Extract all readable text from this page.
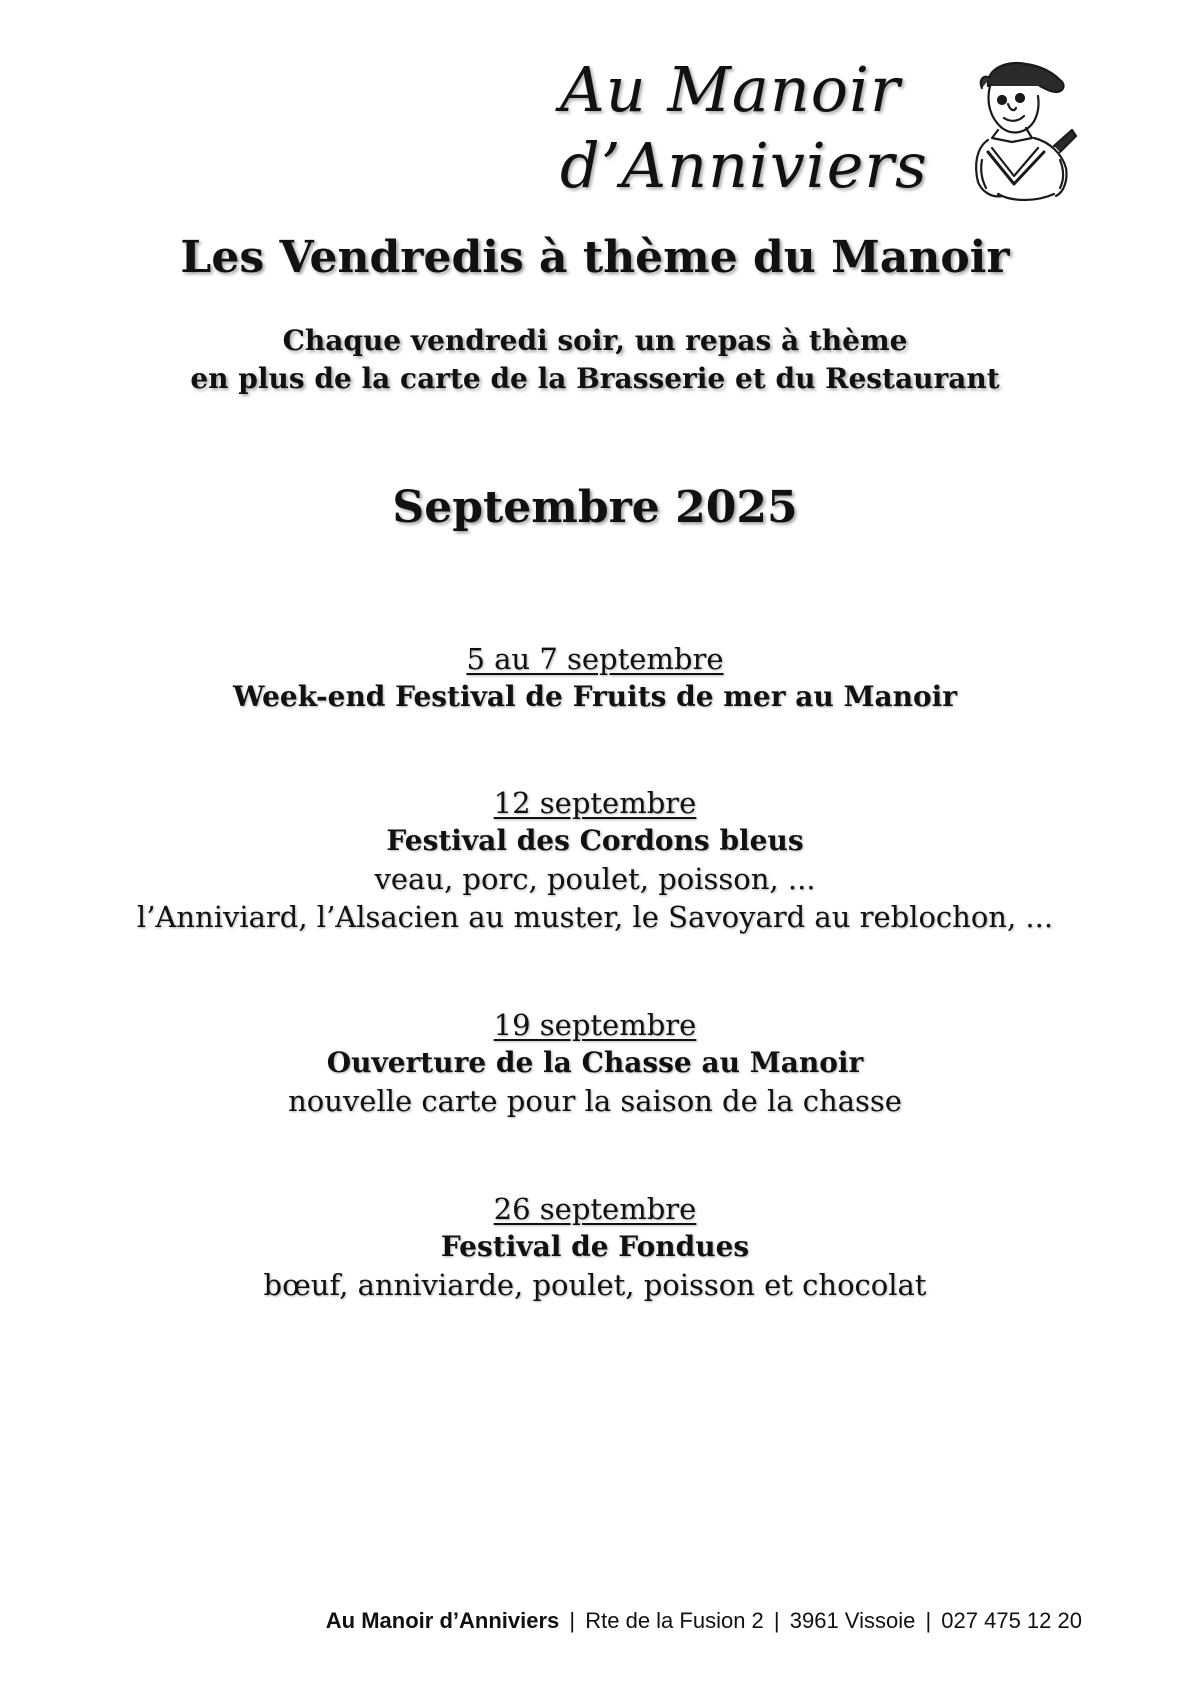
Au Manoir
d’Anniviers
Les Vendredis à thème du Manoir
Chaque vendredi soir, un repas à thème
en plus de la carte de la Brasserie et du Restaurant
Septembre 2025
5 au 7 septembre
Week-end Festival de Fruits de mer au Manoir
12 septembre
Festival des Cordons bleus
veau, porc, poulet, poisson, ...
l’Anniviard, l’Alsacien au muster, le Savoyard au reblochon, ...
19 septembre
Ouverture de la Chasse au Manoir
nouvelle carte pour la saison de la chasse
26 septembre
Festival de Fondues
bœuf, anniviarde, poulet, poisson et chocolat
Au Manoir d’Anniviers | Rte de la Fusion 2 | 3961 Vissoie | 027 475 12 20
